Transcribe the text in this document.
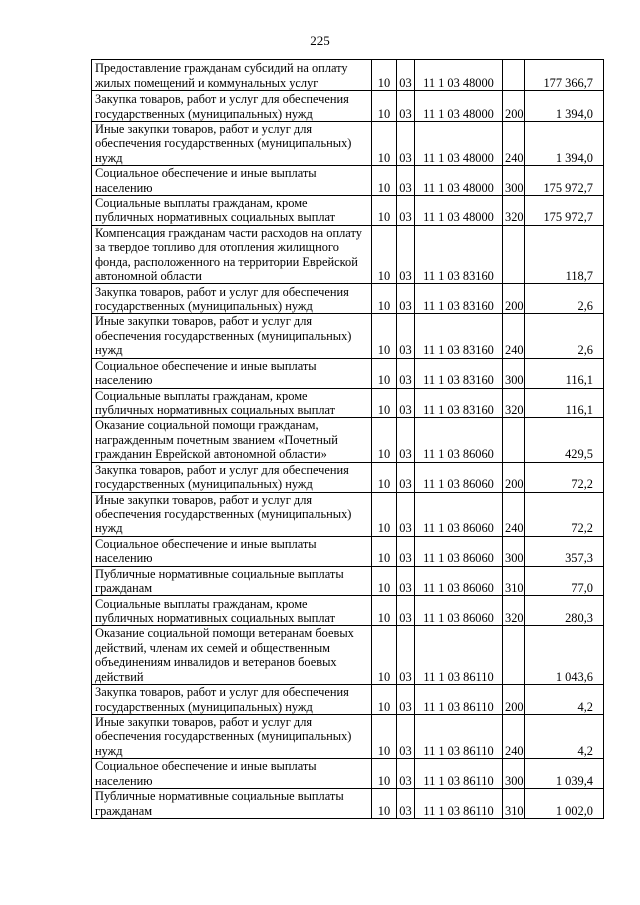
225
Предоставление гражданам субсидий на оплату жилых помещений и коммунальных услуг	10	03	11 1 03 48000		177 366,7
Закупка товаров, работ и услуг для обеспечения государственных (муниципальных) нужд	10	03	11 1 03 48000	200	1 394,0
Иные закупки товаров, работ и услуг для обеспечения государственных (муниципальных) нужд	10	03	11 1 03 48000	240	1 394,0
Социальное обеспечение и иные выплаты населению	10	03	11 1 03 48000	300	175 972,7
Социальные выплаты гражданам, кроме публичных нормативных социальных выплат	10	03	11 1 03 48000	320	175 972,7
Компенсация гражданам части расходов на оплату за твердое топливо для отопления жилищного фонда, расположенного на территории Еврейской автономной области	10	03	11 1 03 83160		118,7
Закупка товаров, работ и услуг для обеспечения государственных (муниципальных) нужд	10	03	11 1 03 83160	200	2,6
Иные закупки товаров, работ и услуг для обеспечения государственных (муниципальных) нужд	10	03	11 1 03 83160	240	2,6
Социальное обеспечение и иные выплаты населению	10	03	11 1 03 83160	300	116,1
Социальные выплаты гражданам, кроме публичных нормативных социальных выплат	10	03	11 1 03 83160	320	116,1
Оказание социальной помощи гражданам, награжденным почетным званием «Почетный гражданин Еврейской автономной области»	10	03	11 1 03 86060		429,5
Закупка товаров, работ и услуг для обеспечения государственных (муниципальных) нужд	10	03	11 1 03 86060	200	72,2
Иные закупки товаров, работ и услуг для обеспечения государственных (муниципальных) нужд	10	03	11 1 03 86060	240	72,2
Социальное обеспечение и иные выплаты населению	10	03	11 1 03 86060	300	357,3
Публичные нормативные социальные выплаты гражданам	10	03	11 1 03 86060	310	77,0
Социальные выплаты гражданам, кроме публичных нормативных социальных выплат	10	03	11 1 03 86060	320	280,3
Оказание социальной помощи ветеранам боевых действий, членам их семей и общественным объединениям инвалидов и ветеранов боевых действий	10	03	11 1 03 86110		1 043,6
Закупка товаров, работ и услуг для обеспечения государственных (муниципальных) нужд	10	03	11 1 03 86110	200	4,2
Иные закупки товаров, работ и услуг для обеспечения государственных (муниципальных) нужд	10	03	11 1 03 86110	240	4,2
Социальное обеспечение и иные выплаты населению	10	03	11 1 03 86110	300	1 039,4
Публичные нормативные социальные выплаты гражданам	10	03	11 1 03 86110	310	1 002,0
